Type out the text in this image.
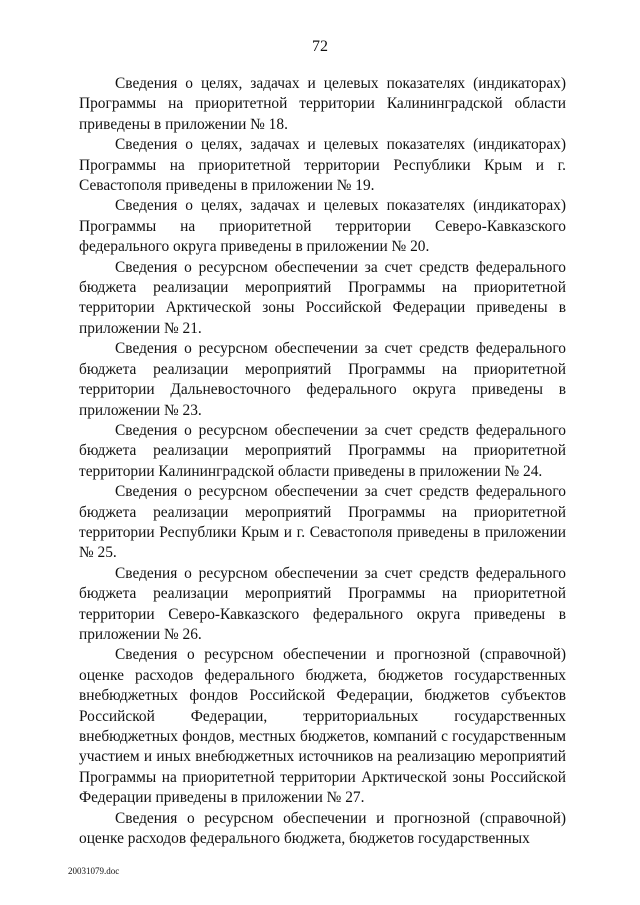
72

Сведения о целях, задачах и целевых показателях (индикаторах) Программы на приоритетной территории Калининградской области приведены в приложении № 18.

Сведения о целях, задачах и целевых показателях (индикаторах) Программы на приоритетной территории Республики Крым и г. Севастополя приведены в приложении № 19.

Сведения о целях, задачах и целевых показателях (индикаторах) Программы на приоритетной территории Северо-Кавказского федерального округа приведены в приложении № 20.

Сведения о ресурсном обеспечении за счет средств федерального бюджета реализации мероприятий Программы на приоритетной территории Арктической зоны Российской Федерации приведены в приложении № 21.

Сведения о ресурсном обеспечении за счет средств федерального бюджета реализации мероприятий Программы на приоритетной территории Дальневосточного федерального округа приведены в приложении № 23.

Сведения о ресурсном обеспечении за счет средств федерального бюджета реализации мероприятий Программы на приоритетной территории Калининградской области приведены в приложении № 24.

Сведения о ресурсном обеспечении за счет средств федерального бюджета реализации мероприятий Программы на приоритетной территории Республики Крым и г. Севастополя приведены в приложении № 25.

Сведения о ресурсном обеспечении за счет средств федерального бюджета реализации мероприятий Программы на приоритетной территории Северо-Кавказского федерального округа приведены в приложении № 26.

Сведения о ресурсном обеспечении и прогнозной (справочной) оценке расходов федерального бюджета, бюджетов государственных внебюджетных фондов Российской Федерации, бюджетов субъектов Российской Федерации, территориальных государственных внебюджетных фондов, местных бюджетов, компаний с государственным участием и иных внебюджетных источников на реализацию мероприятий Программы на приоритетной территории Арктической зоны Российской Федерации приведены в приложении № 27.

Сведения о ресурсном обеспечении и прогнозной (справочной) оценке расходов федерального бюджета, бюджетов государственных

20031079.doc
